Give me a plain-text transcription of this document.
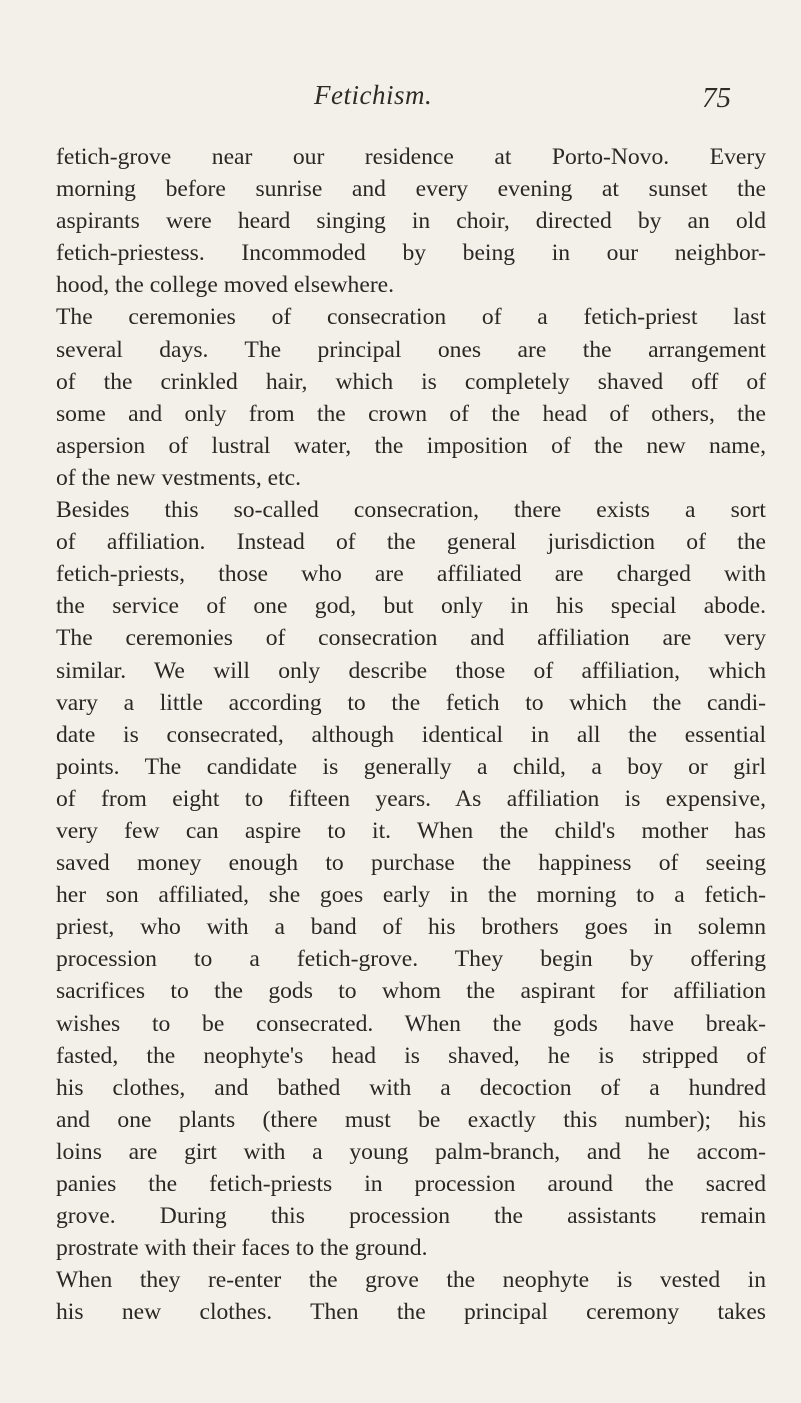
Fetichism.	75
fetich-grove near our residence at Porto-Novo. Every
morning before sunrise and every evening at sunset the
aspirants were heard singing in choir, directed by an old
fetich-priestess. Incommoded by being in our neighbor-
hood, the college moved elsewhere.
The ceremonies of consecration of a fetich-priest last
several days. The principal ones are the arrangement
of the crinkled hair, which is completely shaved off of
some and only from the crown of the head of others, the
aspersion of lustral water, the imposition of the new name,
of the new vestments, etc.
Besides this so-called consecration, there exists a sort
of affiliation. Instead of the general jurisdiction of the
fetich-priests, those who are affiliated are charged with
the service of one god, but only in his special abode.
The ceremonies of consecration and affiliation are very
similar. We will only describe those of affiliation, which
vary a little according to the fetich to which the candi-
date is consecrated, although identical in all the essential
points. The candidate is generally a child, a boy or girl
of from eight to fifteen years. As affiliation is expensive,
very few can aspire to it. When the child's mother has
saved money enough to purchase the happiness of seeing
her son affiliated, she goes early in the morning to a fetich-
priest, who with a band of his brothers goes in solemn
procession to a fetich-grove. They begin by offering
sacrifices to the gods to whom the aspirant for affiliation
wishes to be consecrated. When the gods have break-
fasted, the neophyte's head is shaved, he is stripped of
his clothes, and bathed with a decoction of a hundred
and one plants (there must be exactly this number); his
loins are girt with a young palm-branch, and he accom-
panies the fetich-priests in procession around the sacred
grove. During this procession the assistants remain
prostrate with their faces to the ground.
When they re-enter the grove the neophyte is vested in
his new clothes. Then the principal ceremony takes
